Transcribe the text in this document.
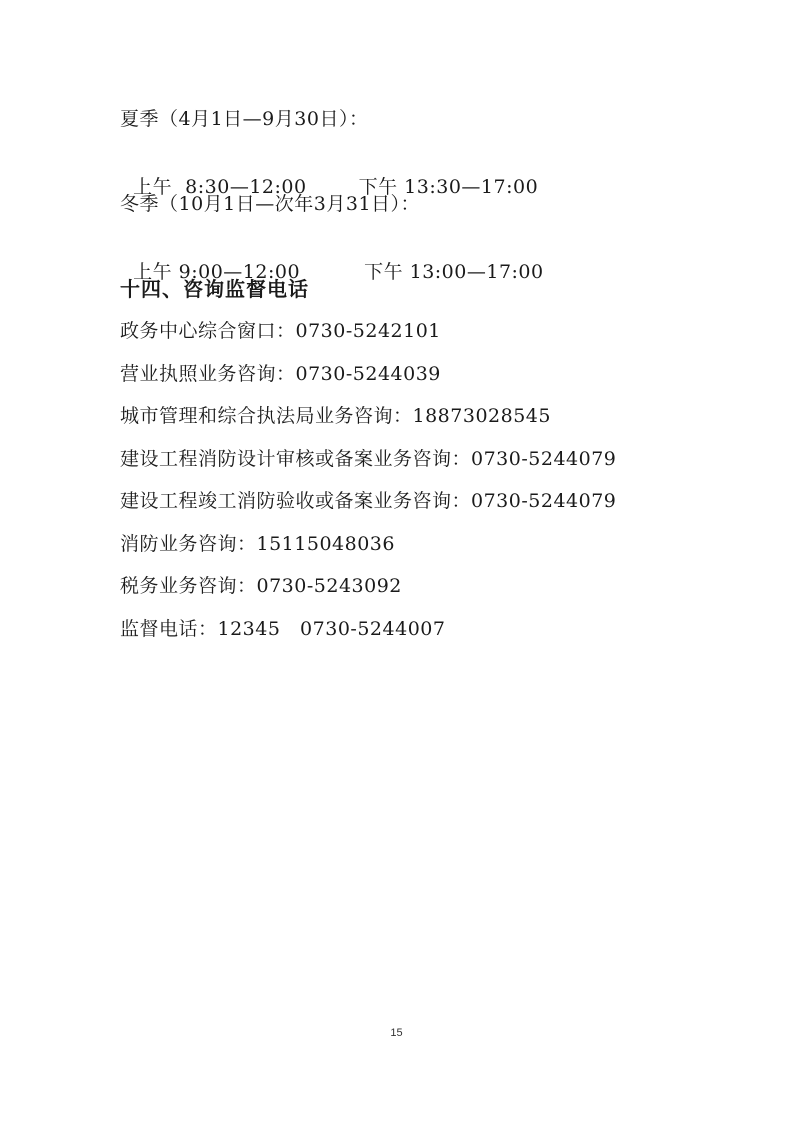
夏季（4月1日—9月30日）：

上午  8:30—12:00	下午 13:30—17:00

冬季（10月1日—次年3月31日）：

上午 9:00—12:00	下午 13:00—17:00

十四、咨询监督电话
政务中心综合窗口：0730-5242101
营业执照业务咨询：0730-5244039
城市管理和综合执法局业务咨询：18873028545
建设工程消防设计审核或备案业务咨询：0730-5244079
建设工程竣工消防验收或备案业务咨询：0730-5244079
消防业务咨询：15115048036
税务业务咨询：0730-5243092
监督电话：12345   0730-5244007
15
